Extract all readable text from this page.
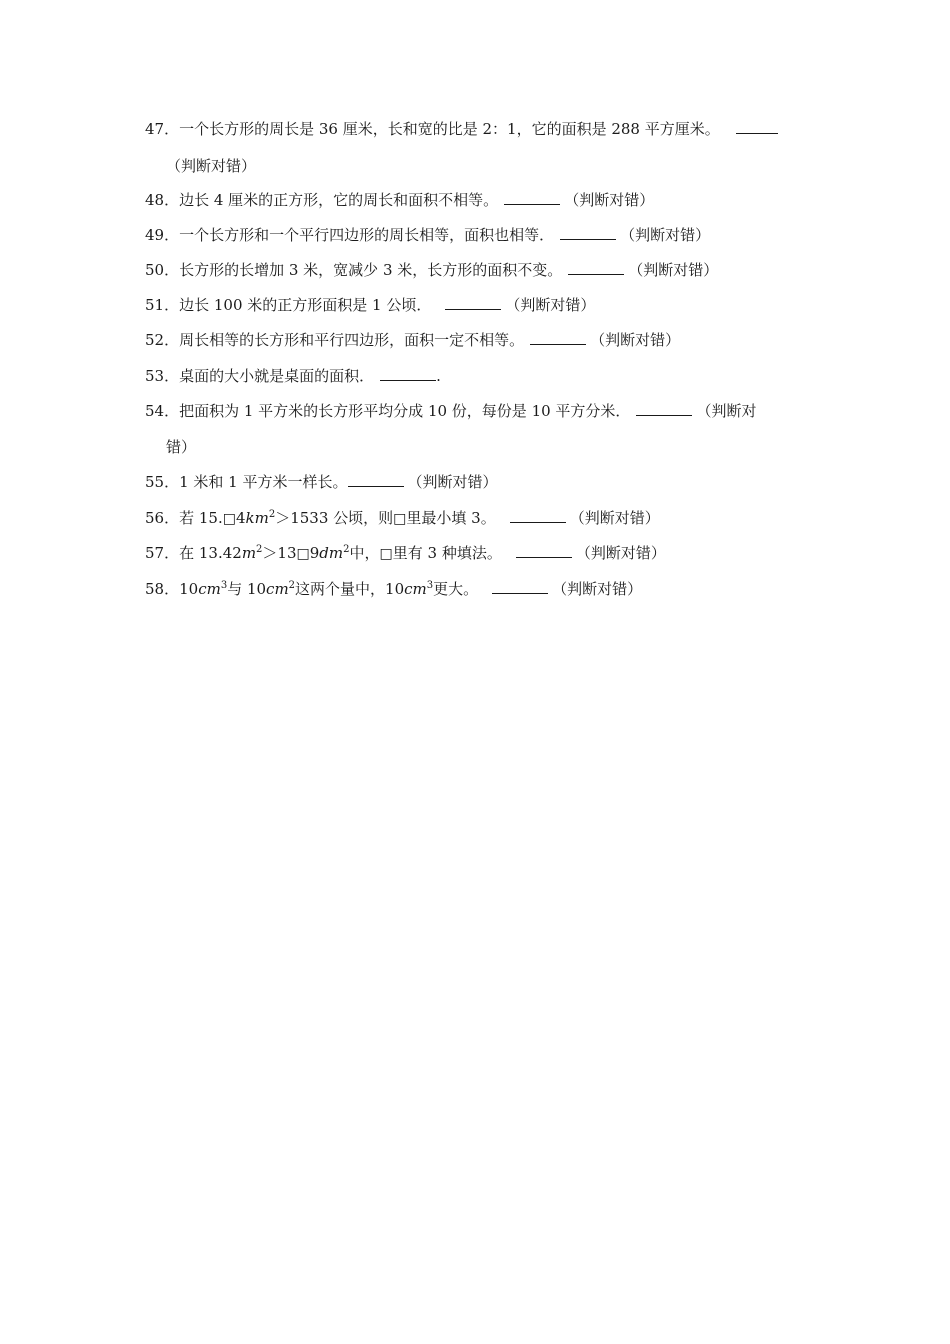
47．一个长方形的周长是 36 厘米，长和宽的比是 2：1，它的面积是 288 平方厘米。
（判断对错）
48．边长 4 厘米的正方形，它的周长和面积不相等。	（判断对错）
49．一个长方形和一个平行四边形的周长相等，面积也相等．	（判断对错）
50．长方形的长增加 3 米，宽减少 3 米，长方形的面积不变。	（判断对错）
51．边长 100 米的正方形面积是 1 公顷．	（判断对错）
52．周长相等的长方形和平行四边形，面积一定不相等。	（判断对错）
53．桌面的大小就是桌面的面积．	.
54．把面积为 1 平方米的长方形平均分成 10 份，每份是 10 平方分米．	（判断对
错）
55．1 米和 1 平方米一样长。	（判断对错）
56．若 $15.□4km^2>1533$ 公顷，则□里最小填 3。	（判断对错）
57．在 $13.42m^2>13□9dm^2$中，□里有 3 种填法。	（判断对错）
58．$10cm^3$与 $10cm^2$这两个量中，$10cm^3$更大。	（判断对错）
